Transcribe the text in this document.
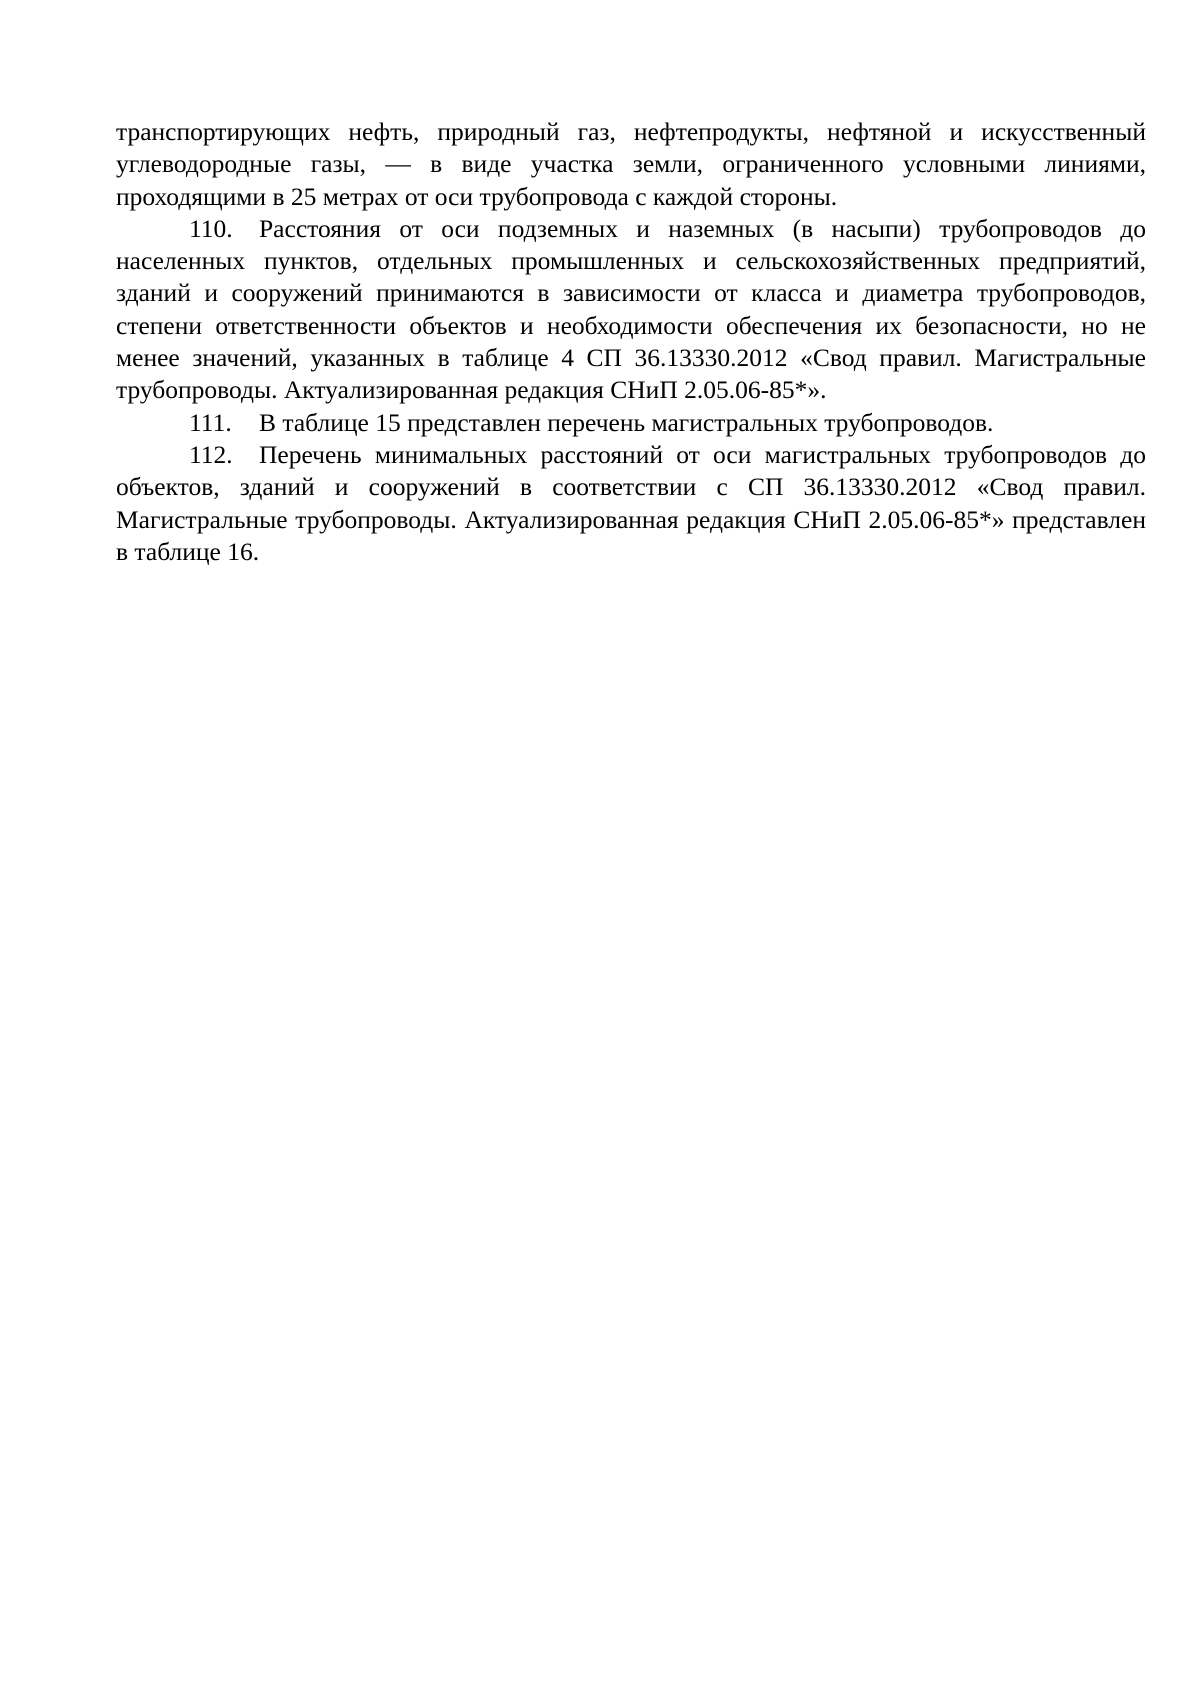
транспортирующих нефть, природный газ, нефтепродукты, нефтяной и искусственный углеводородные газы, — в виде участка земли, ограниченного условными линиями, проходящими в 25 метрах от оси трубопровода с каждой стороны.

110. Расстояния от оси подземных и наземных (в насыпи) трубопроводов до населенных пунктов, отдельных промышленных и сельскохозяйственных предприятий, зданий и сооружений принимаются в зависимости от класса и диаметра трубопроводов, степени ответственности объектов и необходимости обеспечения их безопасности, но не менее значений, указанных в таблице 4 СП 36.13330.2012 «Свод правил. Магистральные трубопроводы. Актуализированная редакция СНиП 2.05.06-85*».

111. В таблице 15 представлен перечень магистральных трубопроводов.

112. Перечень минимальных расстояний от оси магистральных трубопроводов до объектов, зданий и сооружений в соответствии с СП 36.13330.2012 «Свод правил. Магистральные трубопроводы. Актуализированная редакция СНиП 2.05.06-85*» представлен в таблице 16.
